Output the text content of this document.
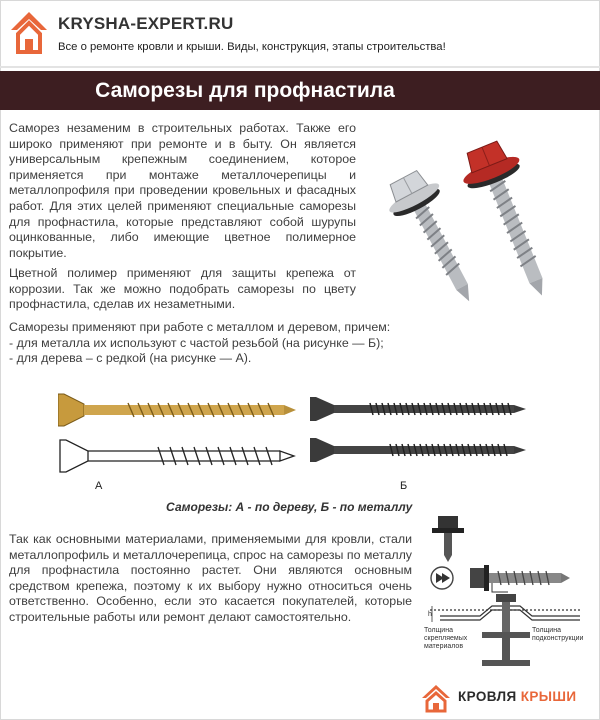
KRYSHA-EXPERT.RU
Все о ремонте кровли и крыши. Виды, конструкция, этапы строительства!
Саморезы для профнастила
Саморез незаменим в строительных работах. Также его широко применяют при ремонте и в быту. Он является универсальным крепежным соединением, которое применяется при монтаже металлочерепицы и металлопрофиля при проведении кровельных и фасадных работ. Для этих целей применяют специальные саморезы для профнастила, которые представляют собой шурупы оцинкованные, либо имеющие цветное полимерное покрытие.
Цветной полимер применяют для защиты крепежа от коррозии. Так же можно подобрать саморезы по цвету профнастила, сделав их незаметными.
Саморезы применяют при работе с металлом и деревом, причем:
- для металла их используют с частой резьбой (на рисунке — Б);
- для дерева – с редкой (на рисунке — А).
А	Б
Саморезы: А - по дереву, Б - по металлу
Так как основными материалами, применяемыми для кровли, стали металлопрофиль и металлочерепица, спрос на саморезы по металлу для профнастила постоянно растет. Они являются основным средством крепежа, поэтому к их выбору нужно относиться очень ответственно. Особенно, если это касается покупателей, которые строительные работы или ремонт делают самостоятельно.	h
Толщина скрепляемых материалов
Толщина подконструкции
КРОВЛЯ КРЫШИ
